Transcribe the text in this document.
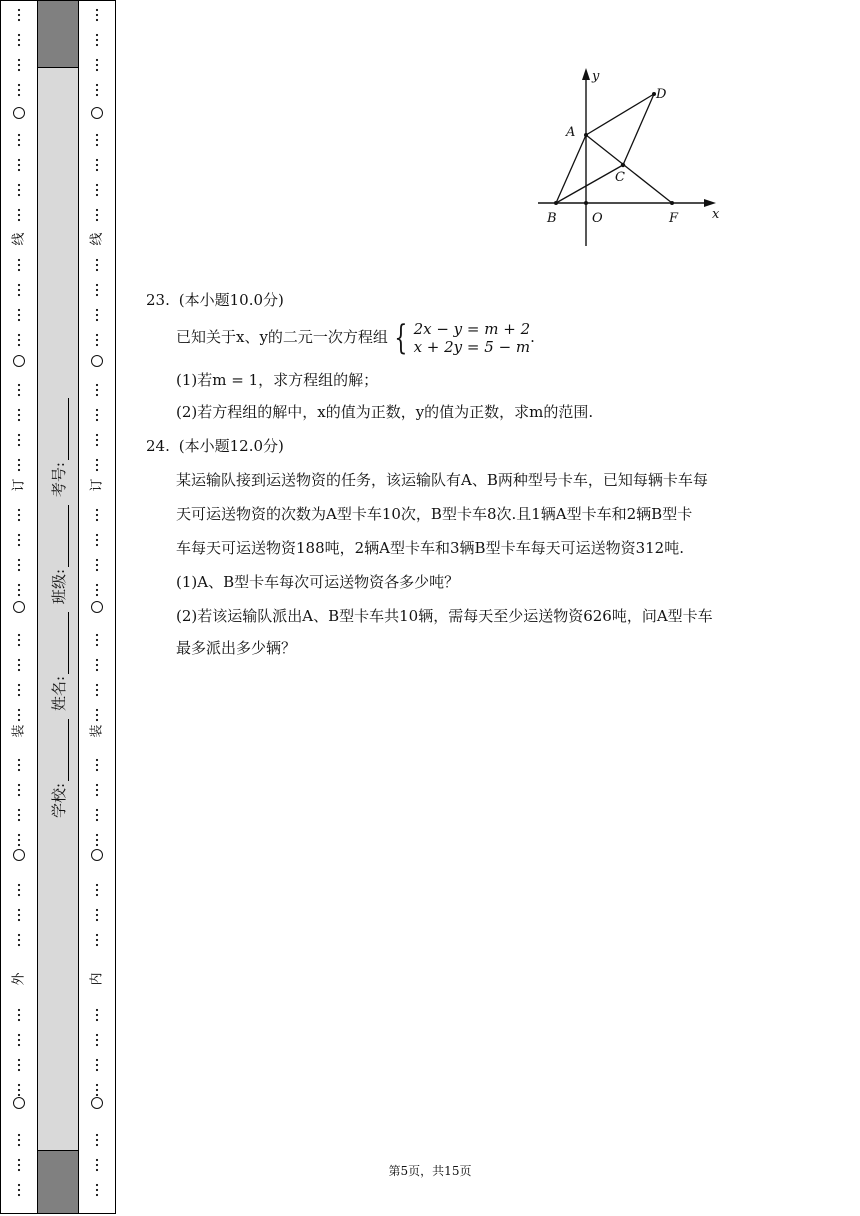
线
订
装
外
学校:
姓名:
班级:
考号:
线
订
装
内
y
x
A
B
C
D
O	F
23. (本小题10.0分)
已知关于x、y的二元一次方程组 { 2x − y = m + 2
x + 2y = 5 − m
.
(1)若m = 1，求方程组的解；
(2)若方程组的解中，x的值为正数，y的值为正数，求m的范围.
24. (本小题12.0分)
某运输队接到运送物资的任务，该运输队有A、B两种型号卡车，已知每辆卡车每
天可运送物资的次数为A型卡车10次，B型卡车8次.且1辆A型卡车和2辆B型卡
车每天可运送物资188吨，2辆A型卡车和3辆B型卡车每天可运送物资312吨.
(1)A、B型卡车每次可运送物资各多少吨？
(2)若该运输队派出A、B型卡车共10辆，需每天至少运送物资626吨，问A型卡车
最多派出多少辆？
第5页，共15页
